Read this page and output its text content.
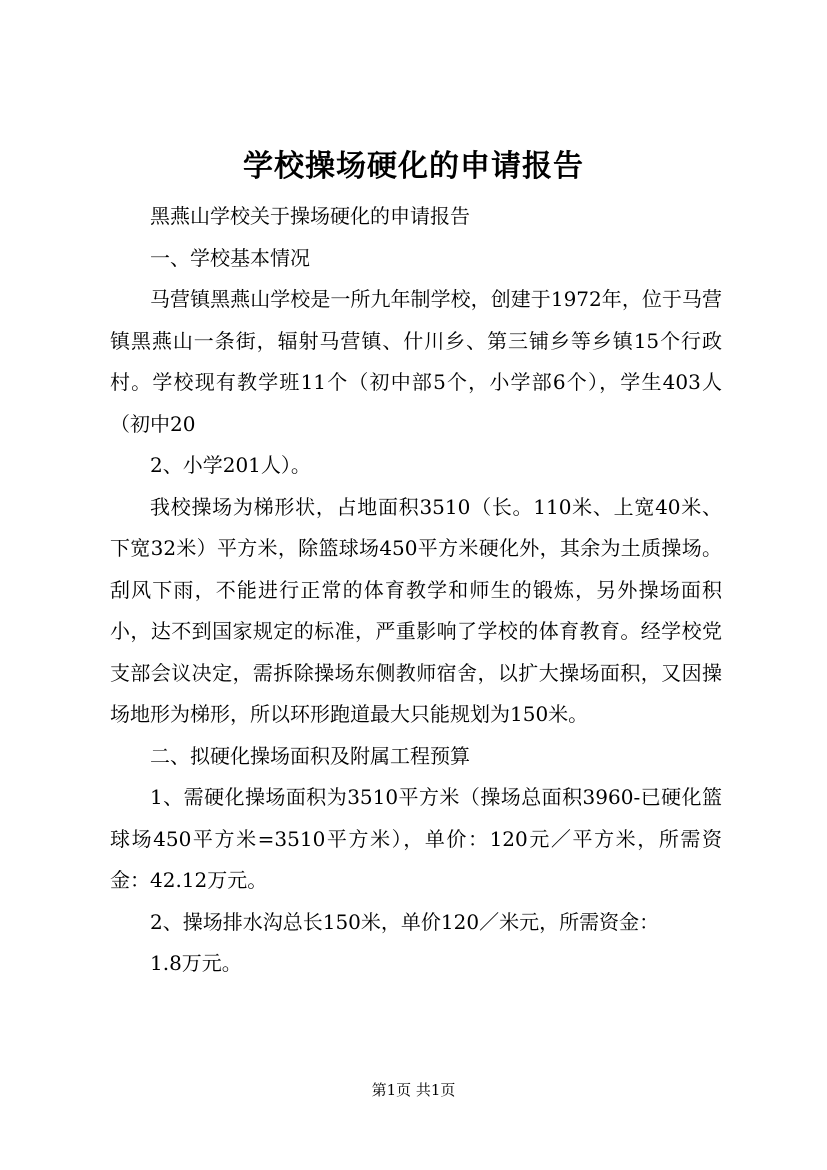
学校操场硬化的申请报告

黑燕山学校关于操场硬化的申请报告

一、学校基本情况

马营镇黑燕山学校是一所九年制学校，创建于1972年，位于马营镇黑燕山一条街，辐射马营镇、什川乡、第三铺乡等乡镇15个行政村。学校现有教学班11个（初中部5个，小学部6个），学生403人（初中20

2、小学201人）。

我校操场为梯形状，占地面积3510（长。110米、上宽40米、下宽32米）平方米，除篮球场450平方米硬化外，其余为土质操场。刮风下雨，不能进行正常的体育教学和师生的锻炼，另外操场面积小，达不到国家规定的标准，严重影响了学校的体育教育。经学校党支部会议决定，需拆除操场东侧教师宿舍，以扩大操场面积，又因操场地形为梯形，所以环形跑道最大只能规划为150米。

二、拟硬化操场面积及附属工程预算

1、需硬化操场面积为3510平方米（操场总面积3960-已硬化篮球场450平方米=3510平方米），单价：120元／平方米，所需资金：42.12万元。

2、操场排水沟总长150米，单价120／米元，所需资金：

1.8万元。

第1页 共1页
